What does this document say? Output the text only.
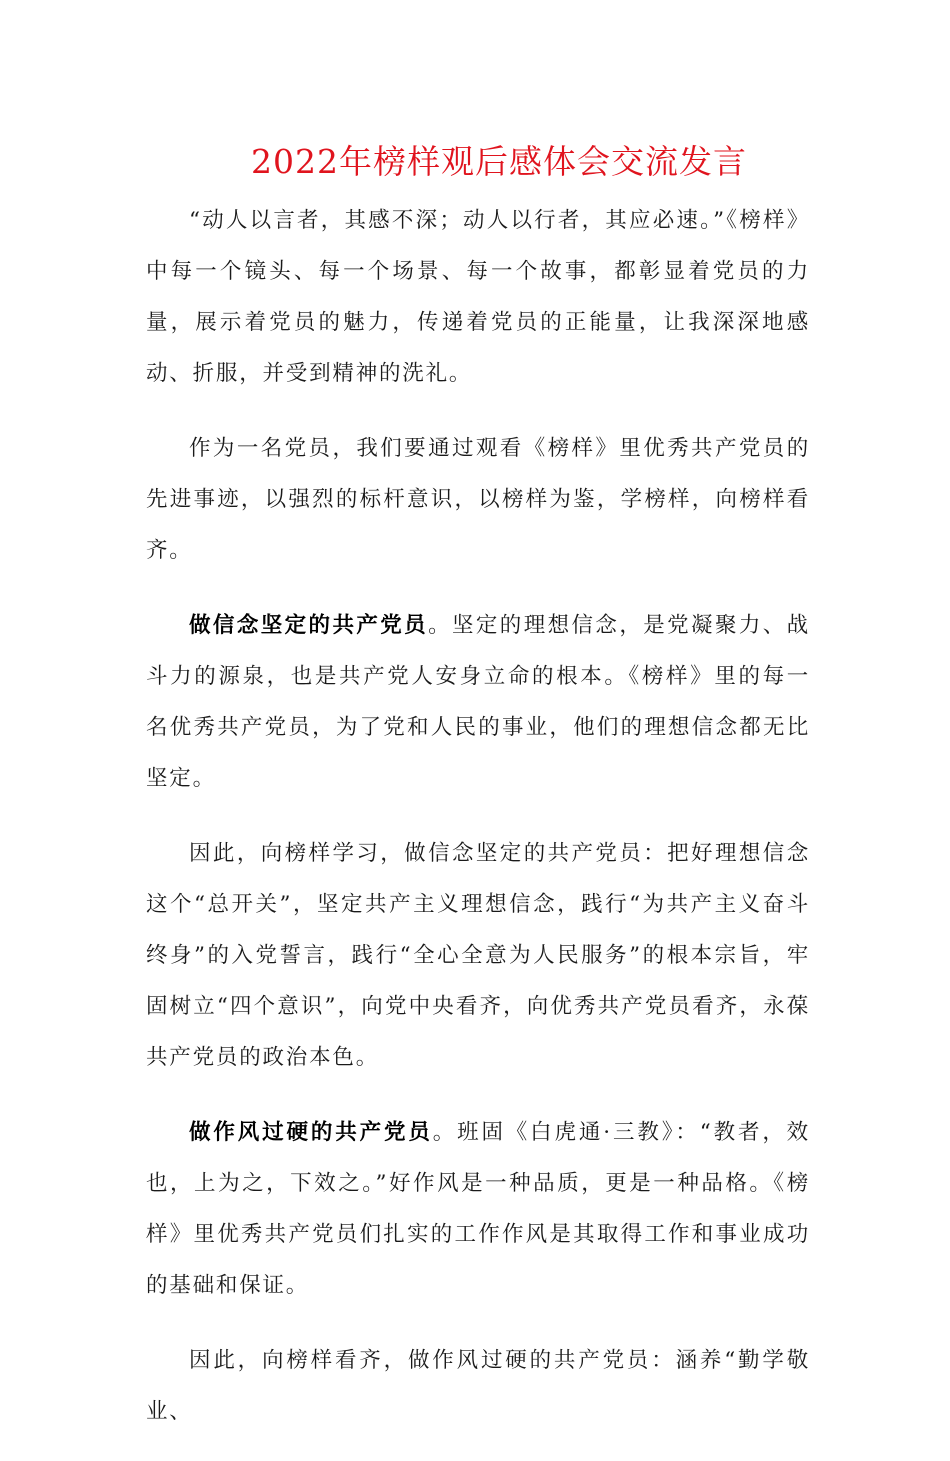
2022年榜样观后感体会交流发言

“动人以言者，其感不深；动人以行者，其应必速。”《榜样》中每一个镜头、每一个场景、每一个故事，都彰显着党员的力量，展示着党员的魅力，传递着党员的正能量，让我深深地感动、折服，并受到精神的洗礼。

作为一名党员，我们要通过观看《榜样》里优秀共产党员的先进事迹，以强烈的标杆意识，以榜样为鉴，学榜样，向榜样看齐。

做信念坚定的共产党员。坚定的理想信念，是党凝聚力、战斗力的源泉，也是共产党人安身立命的根本。《榜样》里的每一名优秀共产党员，为了党和人民的事业，他们的理想信念都无比坚定。

因此，向榜样学习，做信念坚定的共产党员：把好理想信念这个“总开关”，坚定共产主义理想信念，践行“为共产主义奋斗终身”的入党誓言，践行“全心全意为人民服务”的根本宗旨，牢固树立“四个意识”，向党中央看齐，向优秀共产党员看齐，永葆共产党员的政治本色。

做作风过硬的共产党员。班固《白虎通·三教》：“教者，效也，上为之，下效之。”好作风是一种品质，更是一种品格。《榜样》里优秀共产党员们扎实的工作作风是其取得工作和事业成功的基础和保证。

因此，向榜样看齐，做作风过硬的共产党员：涵养“勤学敬业、
